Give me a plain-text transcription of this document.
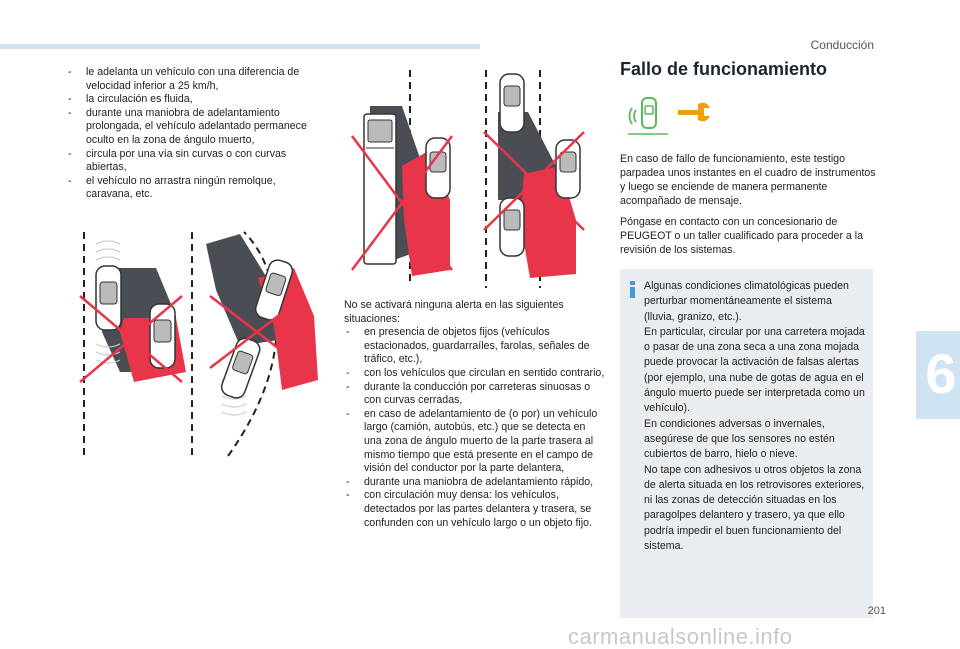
Conducción
- le adelanta un vehículo con una diferencia de velocidad inferior a 25 km/h,
- la circulación es fluida,
- durante una maniobra de adelantamiento prolongada, el vehículo adelantado permanece oculto en la zona de ángulo muerto,
- circula por una vía sin curvas o con curvas abiertas,
- el vehículo no arrastra ningún remolque, caravana, etc.

No se activará ninguna alerta en las siguientes situaciones:

- en presencia de objetos fijos (vehículos estacionados, guardarraíles, farolas, señales de tráfico, etc.),
- con los vehículos que circulan en sentido contrario,
- durante la conducción por carreteras sinuosas o con curvas cerradas,
- en caso de adelantamiento de (o por) un vehículo largo (camión, autobús, etc.) que se detecta en una zona de ángulo muerto de la parte trasera al mismo tiempo que está presente en el campo de visión del conductor por la parte delantera,
- durante una maniobra de adelantamiento rápido,
- con circulación muy densa: los vehículos, detectados por las partes delantera y trasera, se confunden con un vehículo largo o un objeto fijo.
Fallo de funcionamiento

En caso de fallo de funcionamiento, este testigo parpadea unos instantes en el cuadro de instrumentos y luego se enciende de manera permanente acompañado de mensaje.

Póngase en contacto con un concesionario de PEUGEOT o un taller cualificado para proceder a la revisión de los sistemas.

Algunas condiciones climatológicas pueden perturbar momentáneamente el sistema (lluvia, granizo, etc.).
En particular, circular por una carretera mojada o pasar de una zona seca a una zona mojada puede provocar la activación de falsas alertas (por ejemplo, una nube de gotas de agua en el ángulo muerto puede ser interpretada como un vehículo).
En condiciones adversas o invernales, asegúrese de que los sensores no estén cubiertos de barro, hielo o nieve.
No tape con adhesivos u otros objetos la zona de alerta situada en los retrovisores exteriores, ni las zonas de detección situadas en los paragolpes delantero y trasero, ya que ello podría impedir el buen funcionamiento del sistema.
6
201
carmanualsonline.info
